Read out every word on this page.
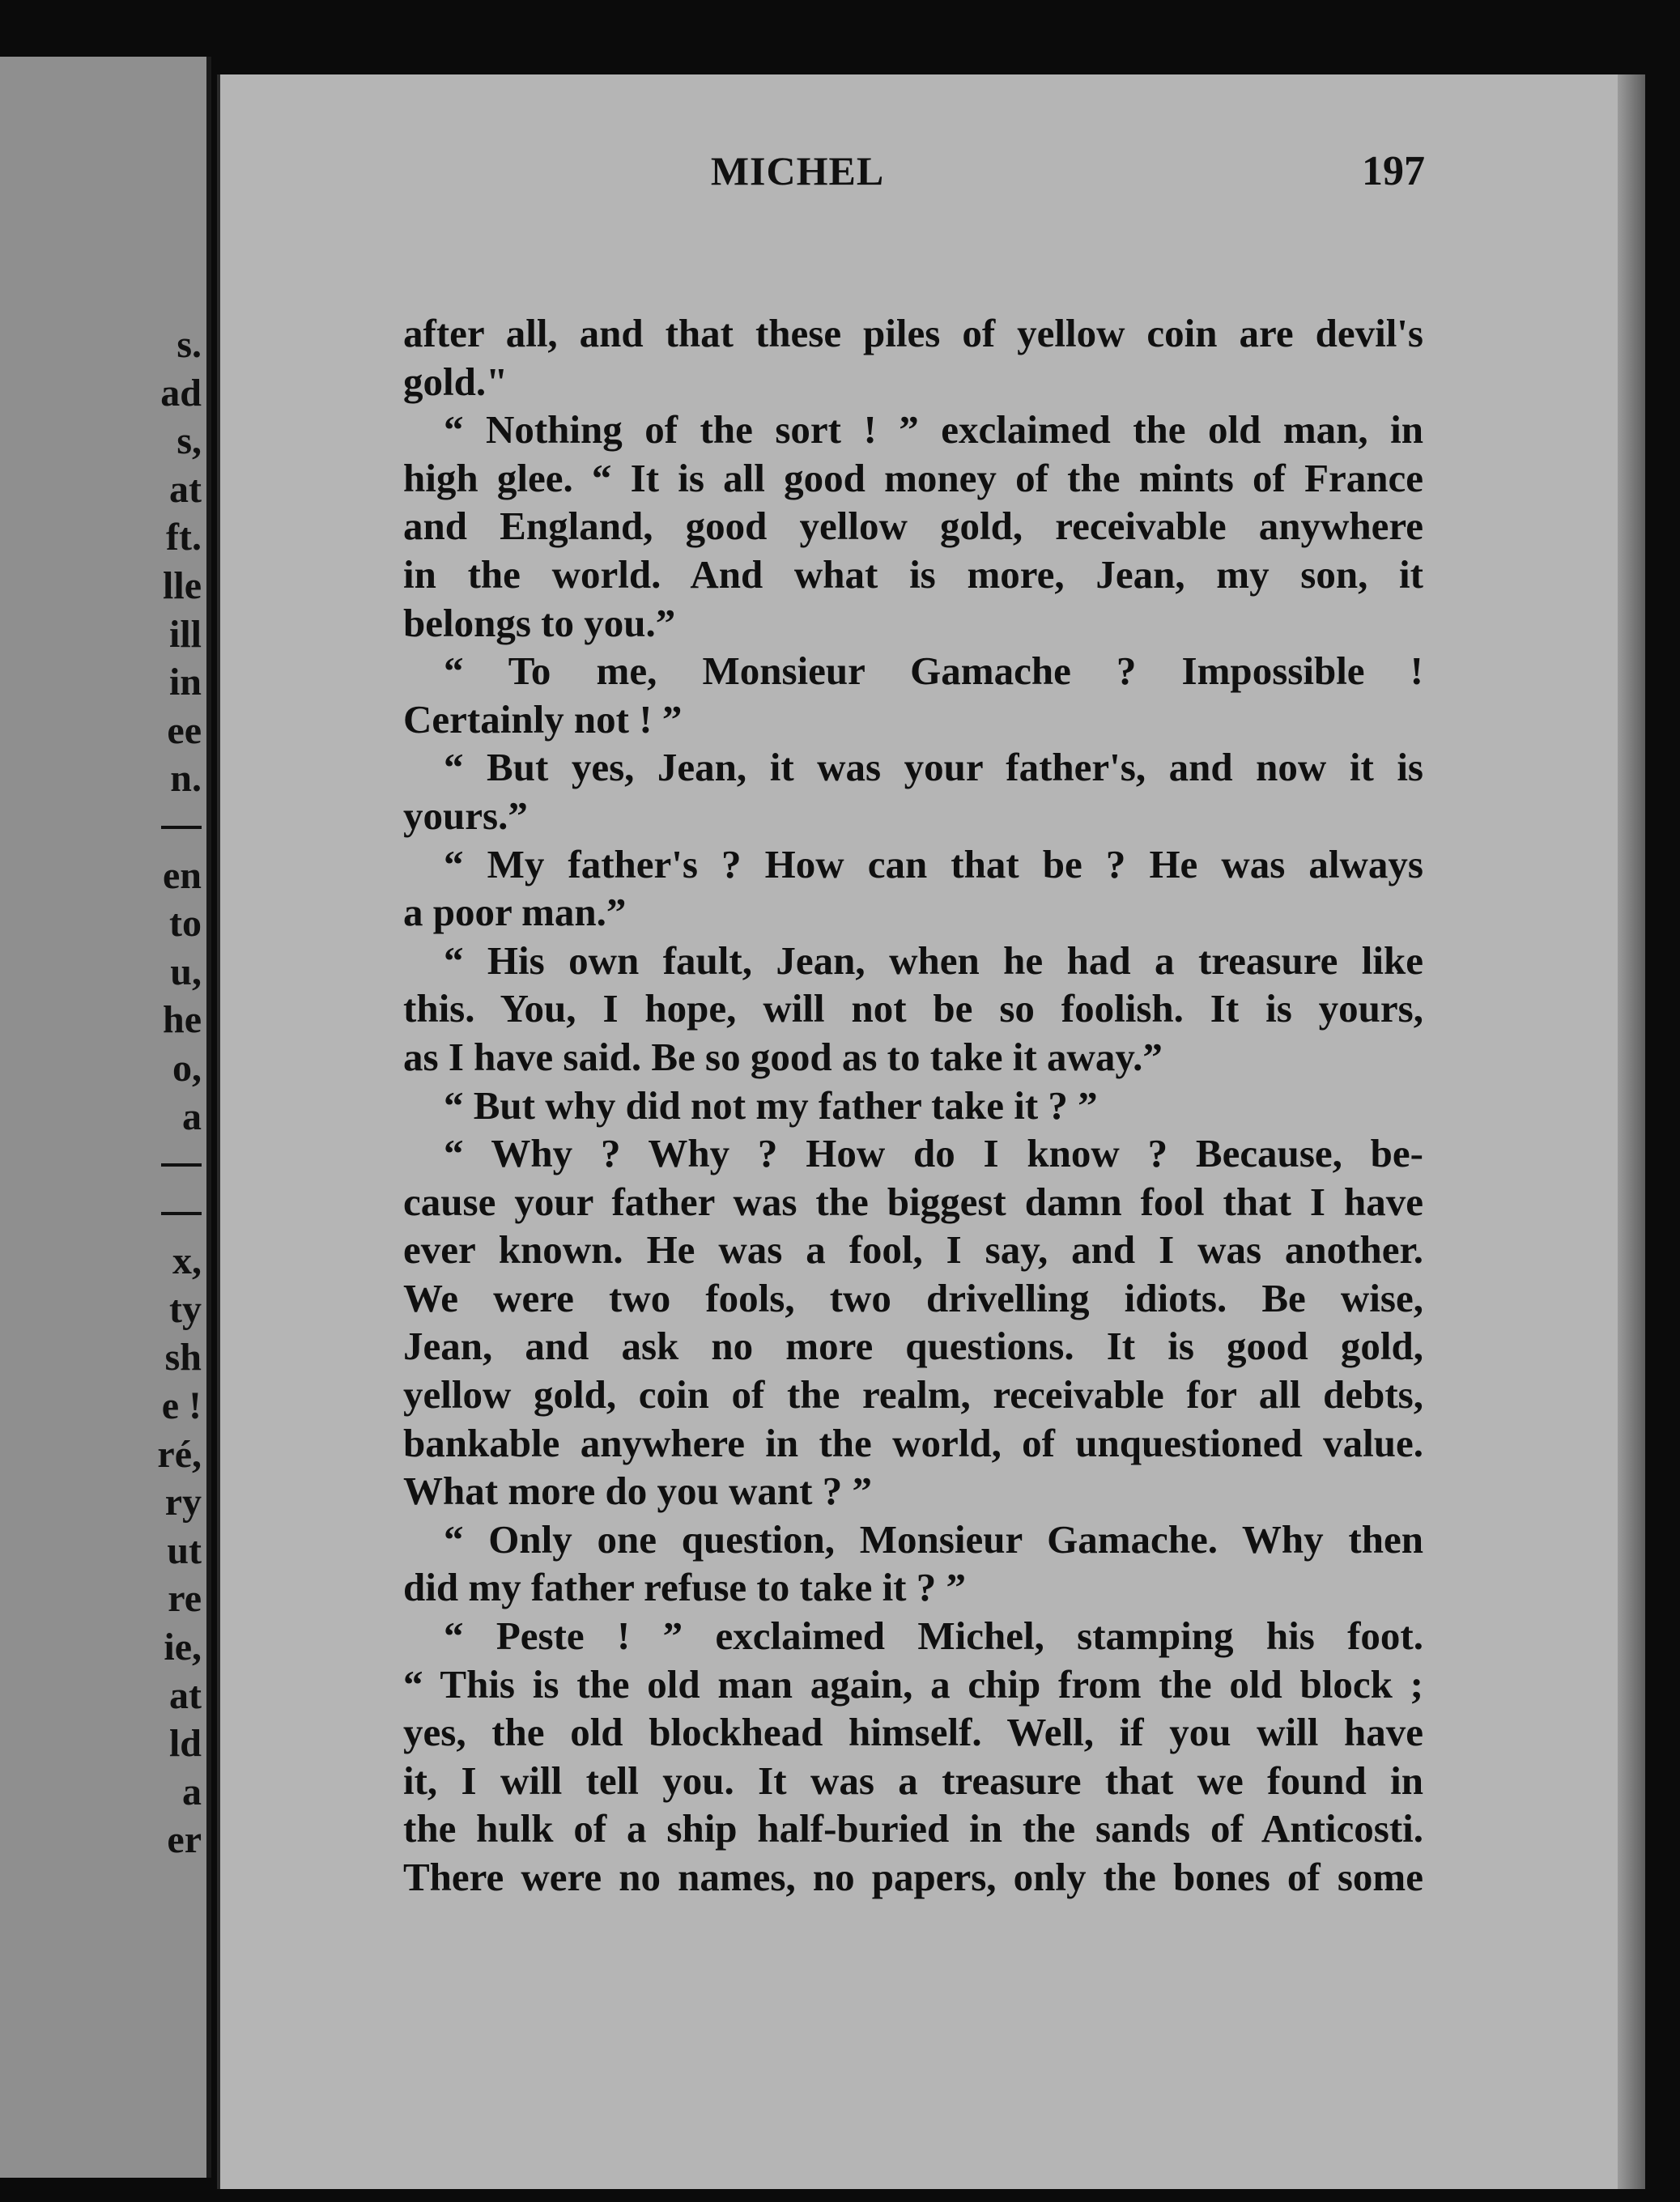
s.
ad
s,
at
ft.
lle
ill
in
ee
n.
en
to
u,
he
o,
a
x,
ty
sh
e !
ré,
ry
ut
re
ie,
at
ld
a
er
MICHEL	197
after all, and that these piles of yellow coin are devil's
gold."
“ Nothing of the sort ! ” exclaimed the old man, in
high glee. “ It is all good money of the mints of France
and England, good yellow gold, receivable anywhere
in the world. And what is more, Jean, my son, it
belongs to you.”
“ To me, Monsieur Gamache ? Impossible !
Certainly not ! ”
“ But yes, Jean, it was your father's, and now it is
yours.”
“ My father's ? How can that be ? He was always
a poor man.”
“ His own fault, Jean, when he had a treasure like
this. You, I hope, will not be so foolish. It is yours,
as I have said. Be so good as to take it away.”
“ But why did not my father take it ? ”
“ Why ? Why ? How do I know ? Because, be-
cause your father was the biggest damn fool that I have
ever known. He was a fool, I say, and I was another.
We were two fools, two drivelling idiots. Be wise,
Jean, and ask no more questions. It is good gold,
yellow gold, coin of the realm, receivable for all debts,
bankable anywhere in the world, of unquestioned value.
What more do you want ? ”
“ Only one question, Monsieur Gamache. Why then
did my father refuse to take it ? ”
“ Peste ! ” exclaimed Michel, stamping his foot.
“ This is the old man again, a chip from the old block ;
yes, the old blockhead himself. Well, if you will have
it, I will tell you. It was a treasure that we found in
the hulk of a ship half-buried in the sands of Anticosti.
There were no names, no papers, only the bones of some
